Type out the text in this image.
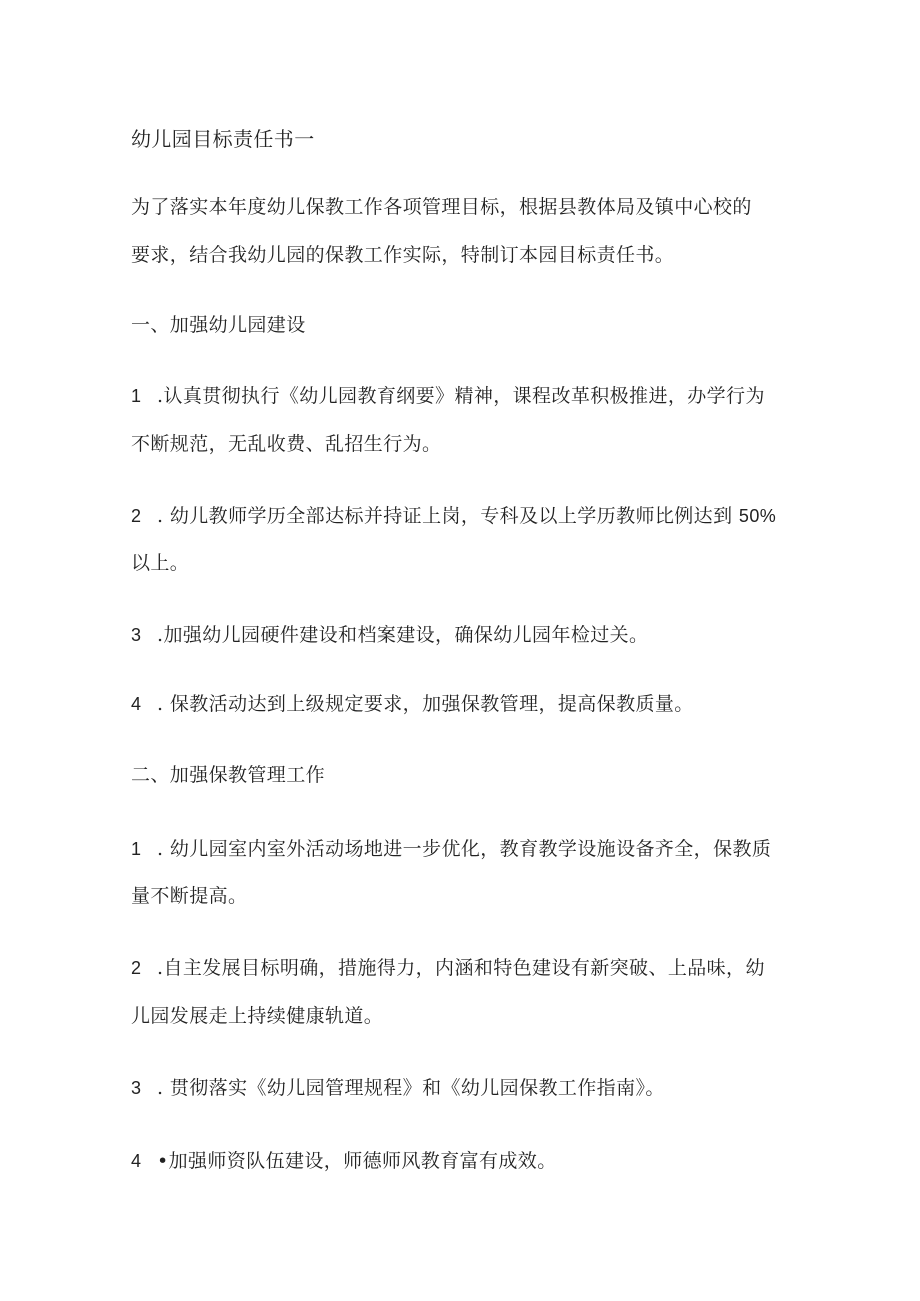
幼儿园目标责任书一
为了落实本年度幼儿保教工作各项管理目标，根据县教体局及镇中心校的
要求，结合我幼儿园的保教工作实际，特制订本园目标责任书。
一、加强幼儿园建设
1 .认真贯彻执行《幼儿园教育纲要》精神，课程改革积极推进，办学行为
不断规范，无乱收费、乱招生行为。
2 . 幼儿教师学历全部达标并持证上岗，专科及以上学历教师比例达到 50%
以上。
3 .加强幼儿园硬件建设和档案建设，确保幼儿园年检过关。
4 . 保教活动达到上级规定要求，加强保教管理，提高保教质量。
二、加强保教管理工作
1 . 幼儿园室内室外活动场地进一步优化，教育教学设施设备齐全，保教质
量不断提高。
2 .自主发展目标明确，措施得力，内涵和特色建设有新突破、上品味，幼
儿园发展走上持续健康轨道。
3 . 贯彻落实《幼儿园管理规程》和《幼儿园保教工作指南》。
4 •加强师资队伍建设，师德师风教育富有成效。
